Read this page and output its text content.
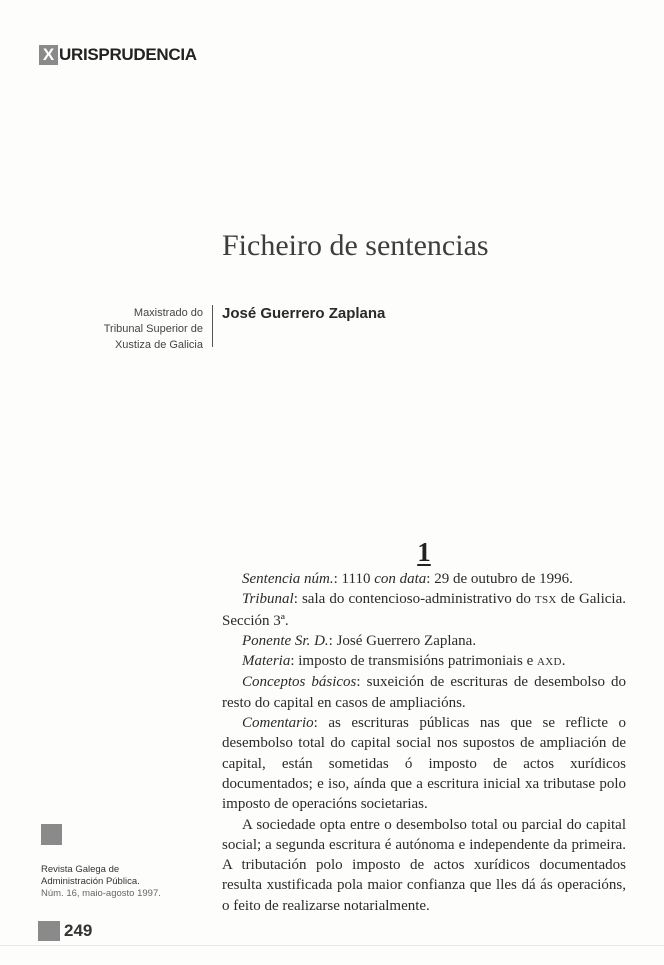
X URISPRUDENCIA
Ficheiro de sentencias
Maxistrado do
Tribunal Superior de
Xustiza de Galicia
José Guerrero Zaplana
1

Sentencia núm.: 1110 con data: 29 de outubro de 1996.

Tribunal: sala do contencioso-administrativo do TSX de Galicia. Sección 3ª.

Ponente Sr. D.: José Guerrero Zaplana.

Materia: imposto de transmisións patrimoniais e AXD.

Conceptos básicos: suxeición de escrituras de desembolso do resto do capital en casos de ampliacións.

Comentario: as escrituras públicas nas que se reflicte o desembolso total do capital social nos supostos de ampliación de capital, están sometidas ó imposto de actos xurídicos documentados; e iso, aínda que a escritura inicial xa tributase polo imposto de operacións societarias.

A sociedade opta entre o desembolso total ou parcial do capital social; a segunda escritura é autónoma e independente da primeira. A tributación polo imposto de actos xurídicos documentados resulta xustificada pola maior confianza que lles dá ás operacións, o feito de realizarse notarialmente.

Revista Galega de
Administración Pública.
Núm. 16, maio-agosto 1997.
249
